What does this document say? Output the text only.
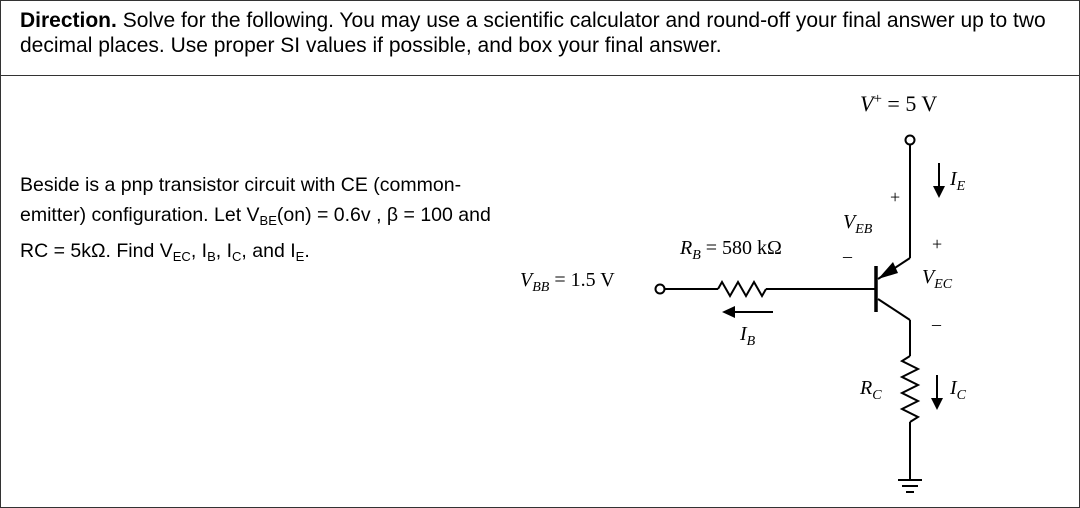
Direction. Solve for the following. You may use a scientific calculator and round-off your final answer up to two decimal places. Use proper SI values if possible, and box your final answer.

Beside is a pnp transistor circuit with CE (common-emitter) configuration. Let $V_{BE}(on) = 0.6v$ , β = 100 and RC = 5kΩ. Find $V_{EC}$, $I_B$, $I_C$, and $I_E$.
V+ = 5 V
+
$V_{EB}$
–
$I_E$
+
$V_{EC}$
–
$R_B = 580$ kΩ
$V_{BB} = 1.5$ V
$I_B$
$R_C$	$I_C$
